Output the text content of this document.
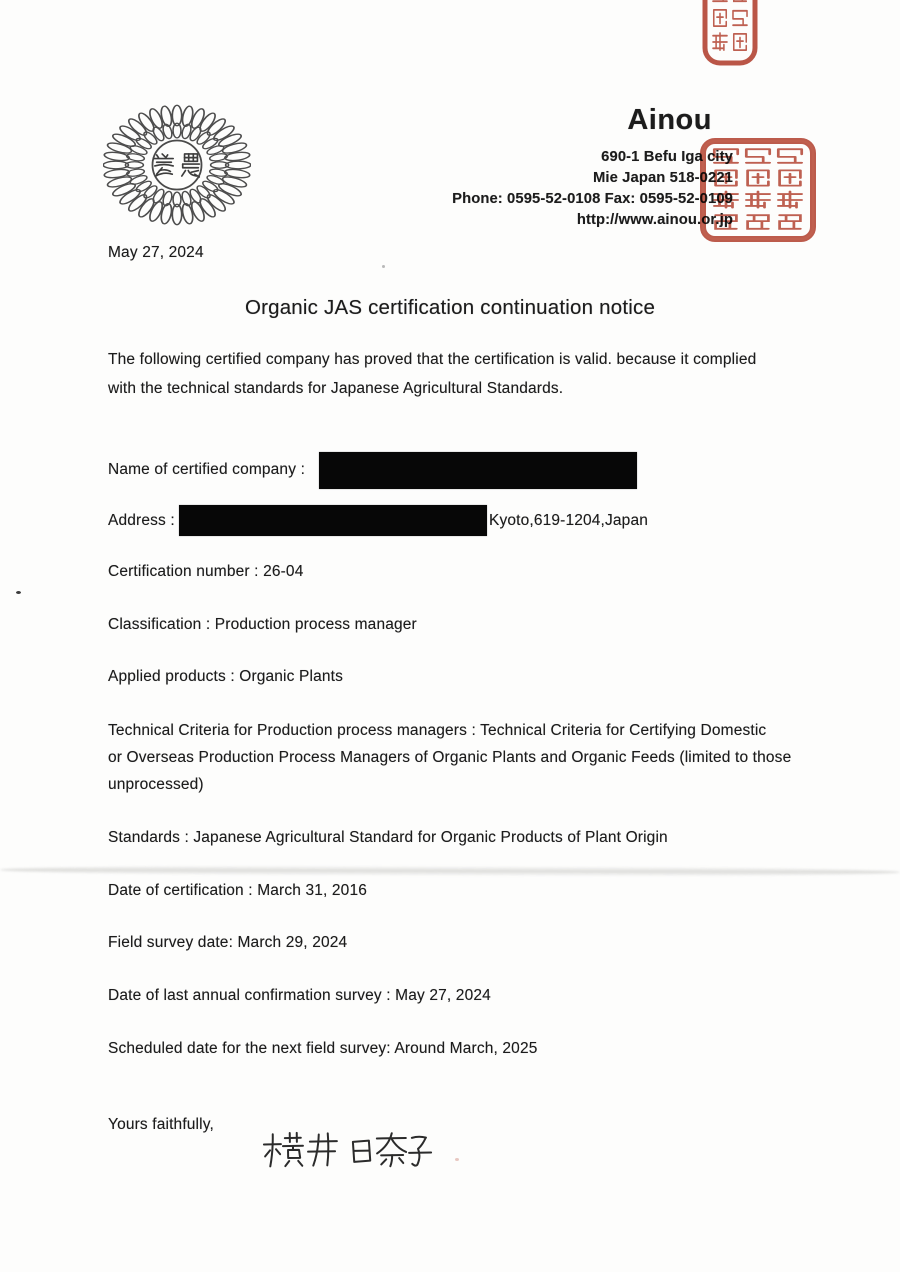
Ainou
690-1 Befu Iga city
Mie Japan 518-0221
Phone: 0595-52-0108 Fax: 0595-52-0109
http://www.ainou.or.jp
May 27, 2024
Organic JAS certification continuation notice
The following certified company has proved that the certification is valid. because it complied
with the technical standards for Japanese Agricultural Standards.
Name of certified company :
Address :	Kyoto,619-1204,Japan
Certification number : 26-04
Classification : Production process manager
Applied products : Organic Plants
Technical Criteria for Production process managers : Technical Criteria for Certifying Domestic
or Overseas Production Process Managers of Organic Plants and Organic Feeds (limited to those
unprocessed)
Standards : Japanese Agricultural Standard for Organic Products of Plant Origin
Date of certification : March 31, 2016
Field survey date: March 29, 2024
Date of last annual confirmation survey : May 27, 2024
Scheduled date for the next field survey: Around March, 2025
Yours faithfully,
